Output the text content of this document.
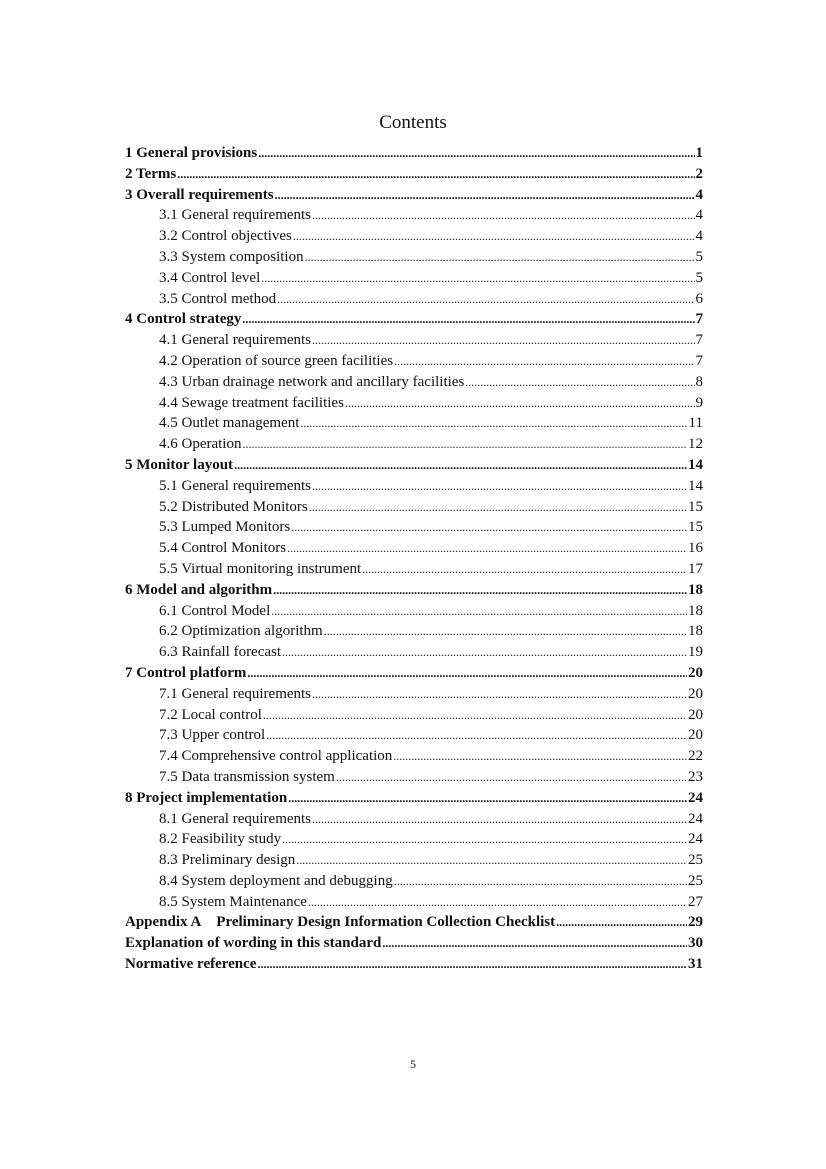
Contents
1 General provisions .....	1
2 Terms .....	2
3 Overall requirements .....	4
3.1 General requirements .....	4
3.2 Control objectives .....	4
3.3 System composition .....	5
3.4 Control level .....	5
3.5 Control method .....	6
4 Control strategy .....	7
4.1 General requirements .....	7
4.2 Operation of source green facilities .....	7
4.3 Urban drainage network and ancillary facilities .....	8
4.4 Sewage treatment facilities .....	9
4.5 Outlet management .....	11
4.6 Operation .....	12
5 Monitor layout .....	14
5.1 General requirements .....	14
5.2 Distributed Monitors .....	15
5.3 Lumped Monitors .....	15
5.4 Control Monitors .....	16
5.5 Virtual monitoring instrument .....	17
6 Model and algorithm .....	18
6.1 Control Model .....	18
6.2 Optimization algorithm .....	18
6.3 Rainfall forecast .....	19
7 Control platform .....	20
7.1 General requirements .....	20
7.2 Local control .....	20
7.3 Upper control .....	20
7.4 Comprehensive control application .....	22
7.5 Data transmission system .....	23
8 Project implementation .....	24
8.1 General requirements .....	24
8.2 Feasibility study .....	24
8.3 Preliminary design .....	25
8.4 System deployment and debugging .....	25
8.5 System Maintenance .....	27
Appendix A Preliminary Design Information Collection Checklist .....	29
Explanation of wording in this standard .....	30
Normative reference .....	31
5
